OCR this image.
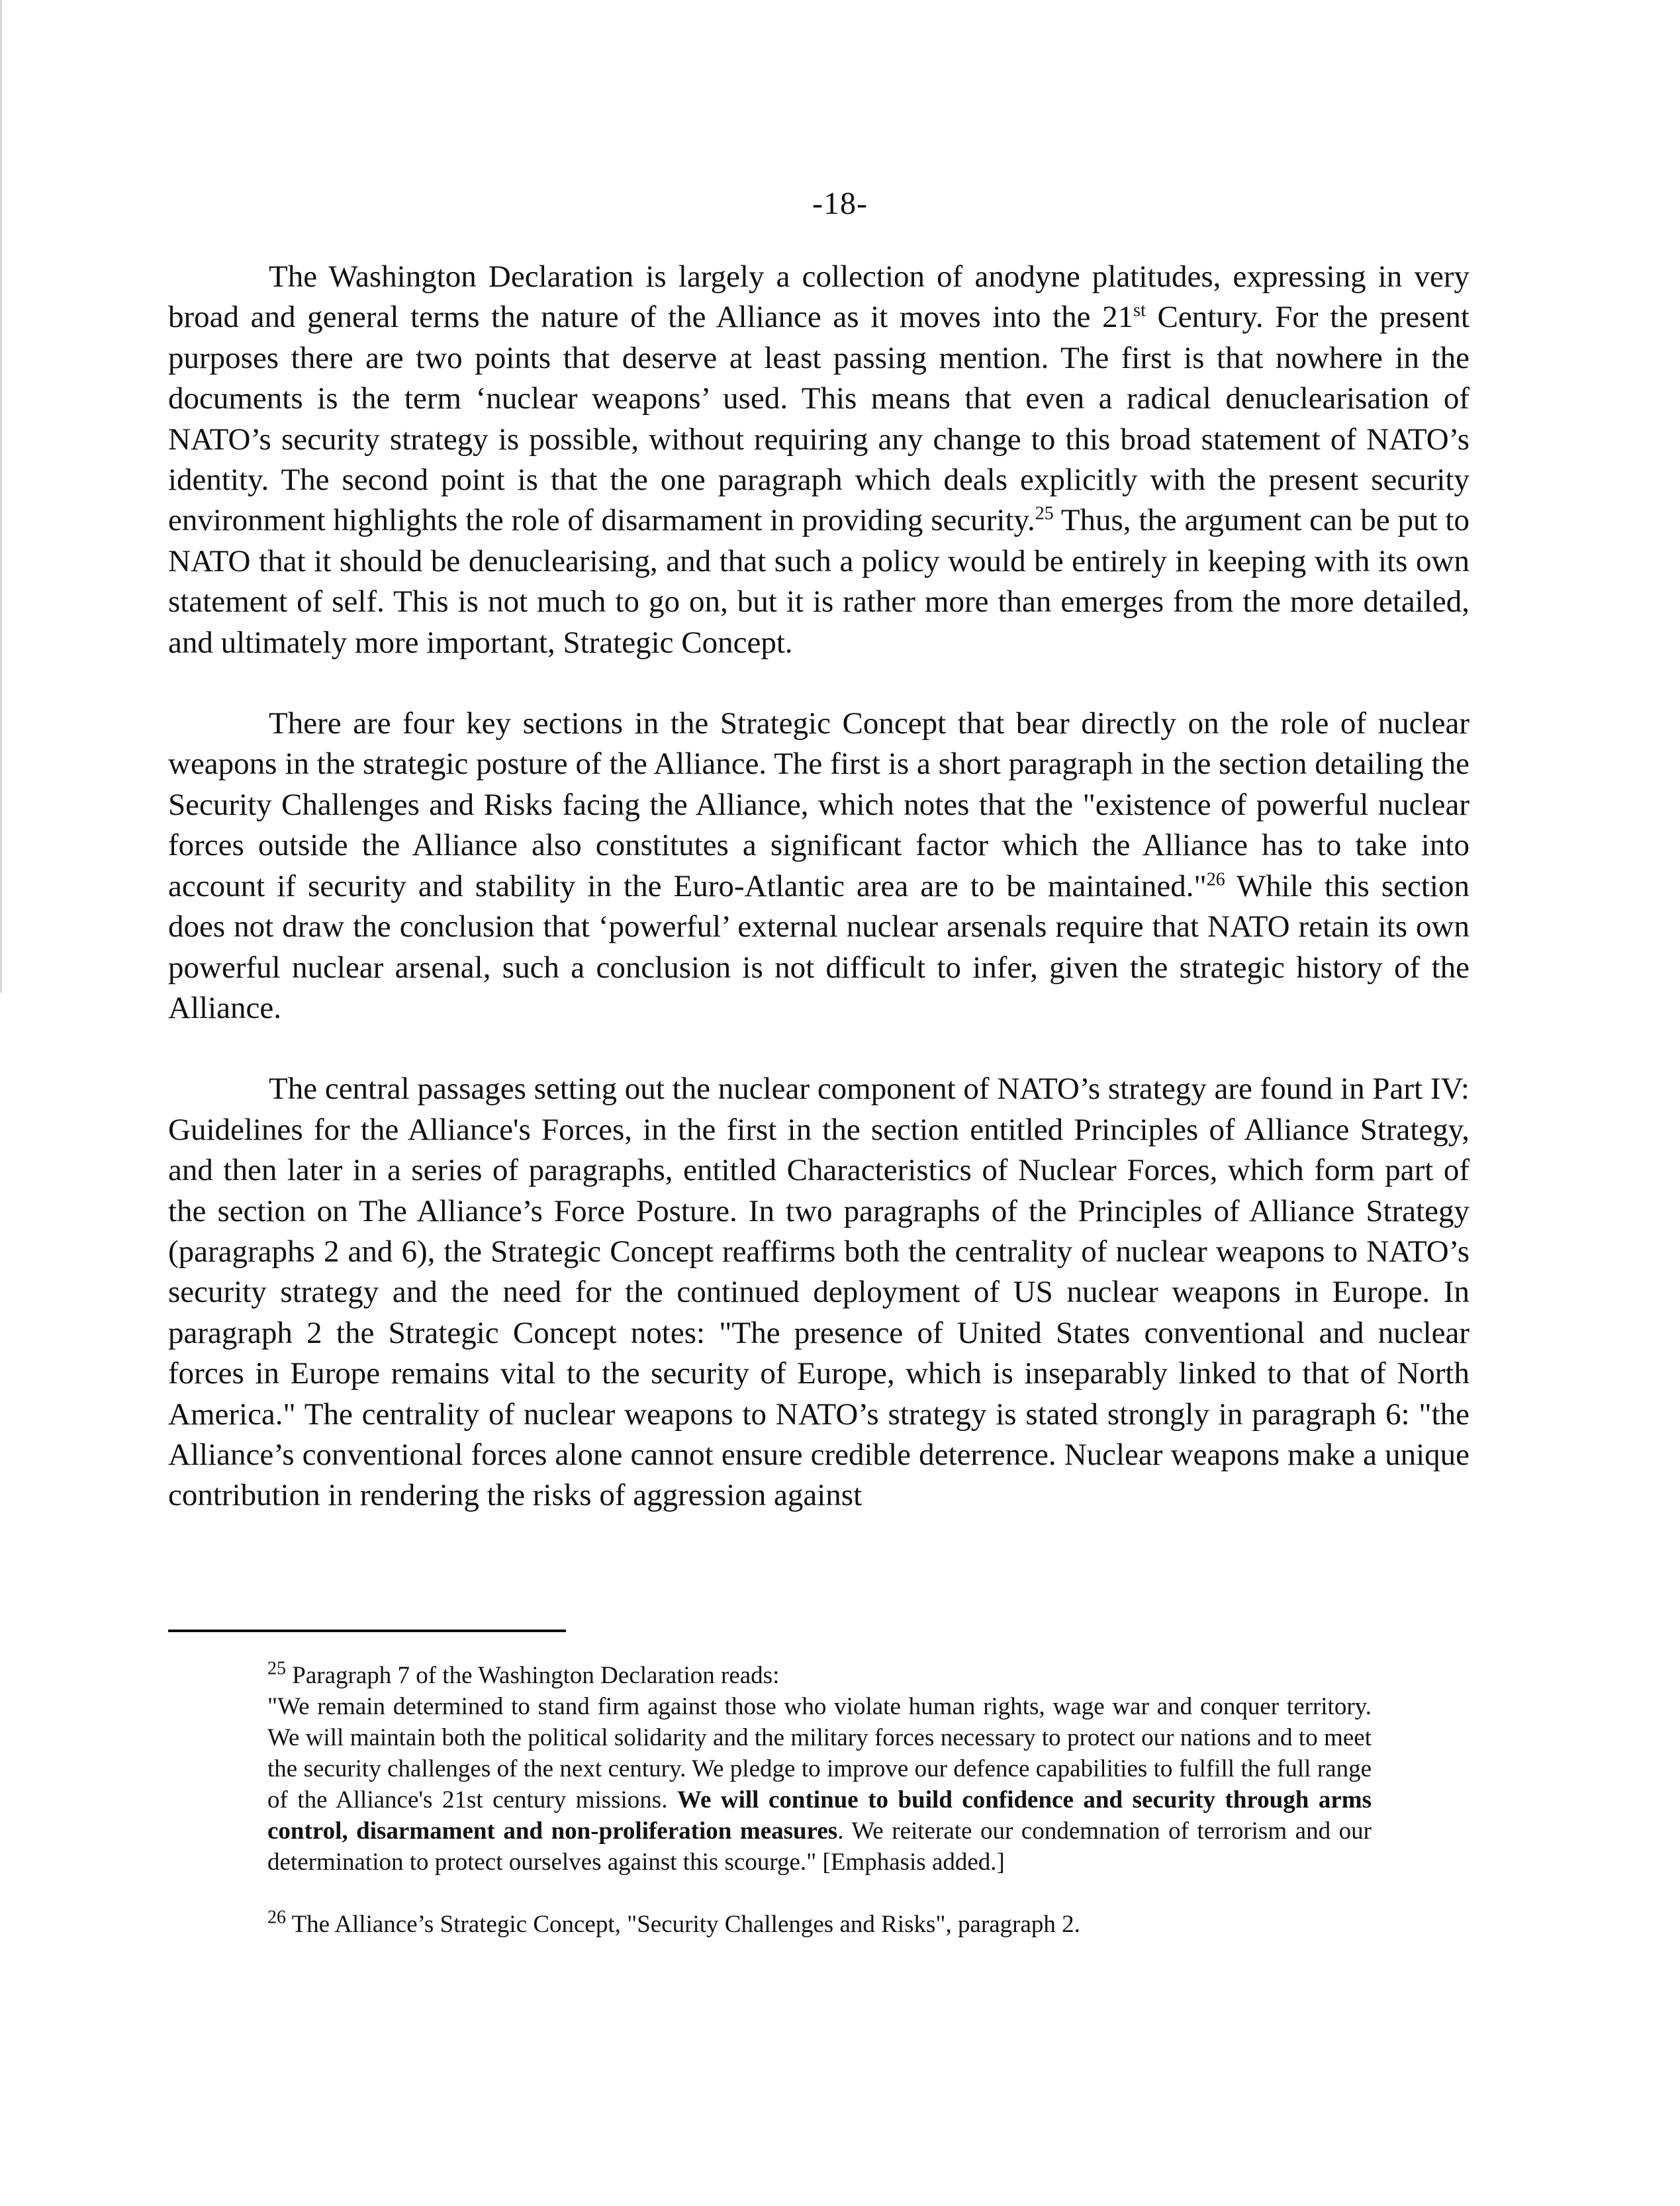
-18-

The Washington Declaration is largely a collection of anodyne platitudes, expressing in very broad and general terms the nature of the Alliance as it moves into the 21st Century. For the present purposes there are two points that deserve at least passing mention. The first is that nowhere in the documents is the term ‘nuclear weapons’ used. This means that even a radical denuclearisation of NATO’s security strategy is possible, without requiring any change to this broad statement of NATO’s identity. The second point is that the one paragraph which deals explicitly with the present security environment highlights the role of disarmament in providing security.$^{25}$ Thus, the argument can be put to NATO that it should be denuclearising, and that such a policy would be entirely in keeping with its own statement of self. This is not much to go on, but it is rather more than emerges from the more detailed, and ultimately more important, Strategic Concept.

There are four key sections in the Strategic Concept that bear directly on the role of nuclear weapons in the strategic posture of the Alliance. The first is a short paragraph in the section detailing the Security Challenges and Risks facing the Alliance, which notes that the "existence of powerful nuclear forces outside the Alliance also constitutes a significant factor which the Alliance has to take into account if security and stability in the Euro-Atlantic area are to be maintained."$^{26}$ While this section does not draw the conclusion that ‘powerful’ external nuclear arsenals require that NATO retain its own powerful nuclear arsenal, such a conclusion is not difficult to infer, given the strategic history of the Alliance.

The central passages setting out the nuclear component of NATO’s strategy are found in Part IV: Guidelines for the Alliance's Forces, in the first in the section entitled Principles of Alliance Strategy, and then later in a series of paragraphs, entitled Characteristics of Nuclear Forces, which form part of the section on The Alliance’s Force Posture. In two paragraphs of the Principles of Alliance Strategy (paragraphs 2 and 6), the Strategic Concept reaffirms both the centrality of nuclear weapons to NATO’s security strategy and the need for the continued deployment of US nuclear weapons in Europe. In paragraph 2 the Strategic Concept notes: "The presence of United States conventional and nuclear forces in Europe remains vital to the security of Europe, which is inseparably linked to that of North America." The centrality of nuclear weapons to NATO’s strategy is stated strongly in paragraph 6: "the Alliance’s conventional forces alone cannot ensure credible deterrence. Nuclear weapons make a unique contribution in rendering the risks of aggression against

$^{25}$ Paragraph 7 of the Washington Declaration reads:
"We remain determined to stand firm against those who violate human rights, wage war and conquer territory. We will maintain both the political solidarity and the military forces necessary to protect our nations and to meet the security challenges of the next century. We pledge to improve our defence capabilities to fulfill the full range of the Alliance's 21st century missions. We will continue to build confidence and security through arms control, disarmament and non-proliferation measures. We reiterate our condemnation of terrorism and our determination to protect ourselves against this scourge." [Emphasis added.]
$^{26}$ The Alliance’s Strategic Concept, "Security Challenges and Risks", paragraph 2.
